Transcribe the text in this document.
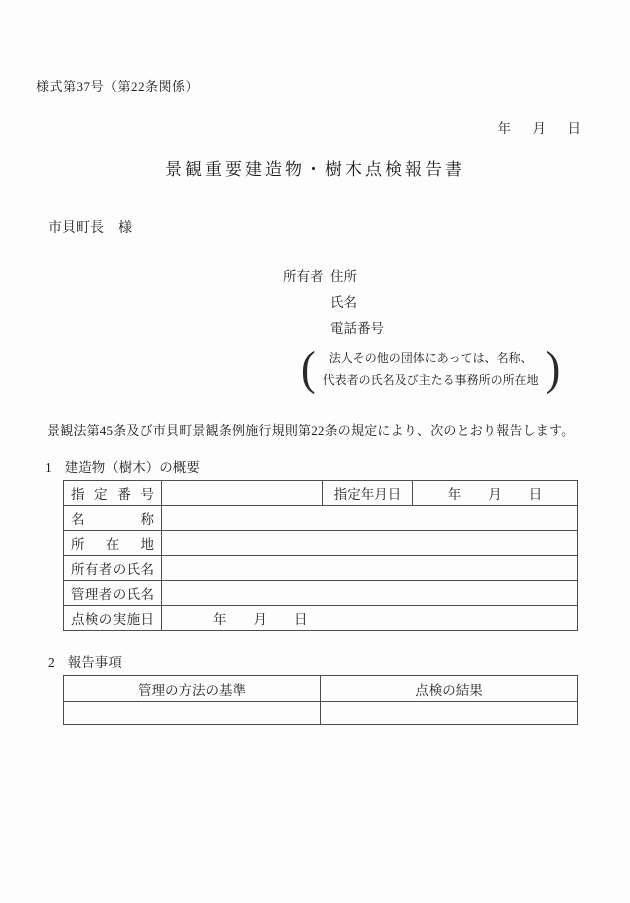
様式第37号（第22条関係）
年　月　日
景観重要建造物・樹木点検報告書
市貝町長　様
所有者 住所
氏名
電話番号
(	法人その他の団体にあっては、名称、
代表者の氏名及び主たる事務所の所在地 )
景観法第45条及び市貝町景観条例施行規則第22条の規定により、次のとおり報告します。
1 建造物（樹木）の概要
指 定 番 号		指定年月日	年　　月　　日
名 称			
所 在 地			
所有者の氏名			
管理者の氏名			
点検の実施日	年　　月　　日		
2 報告事項
管理の方法の基準	点検の結果
